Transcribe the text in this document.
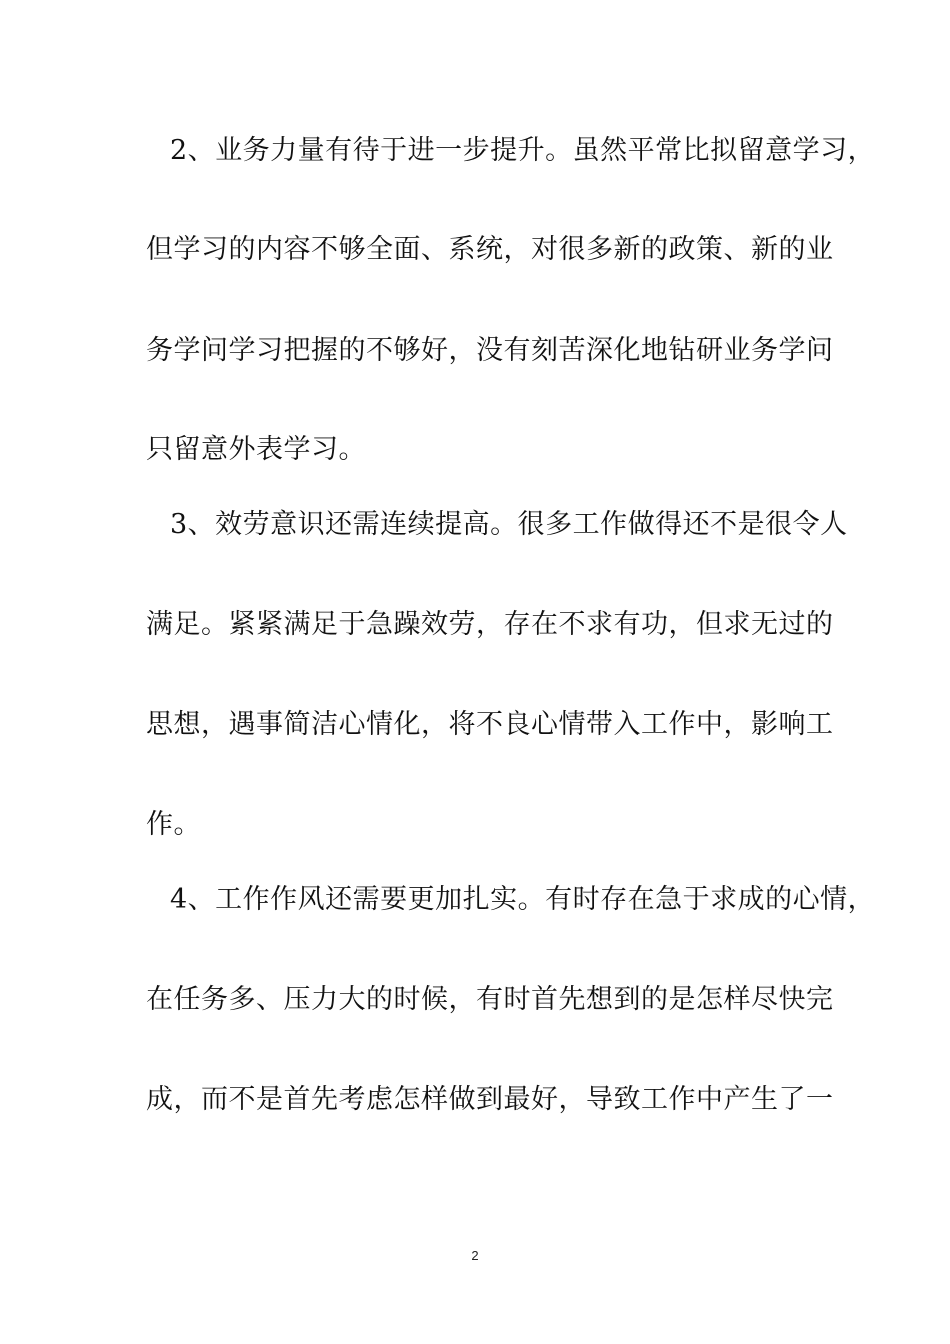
2、业务力量有待于进一步提升。虽然平常比拟留意学习，
但学习的内容不够全面、系统，对很多新的政策、新的业
务学问学习把握的不够好，没有刻苦深化地钻研业务学问
只留意外表学习。
3、效劳意识还需连续提高。很多工作做得还不是很令人
满足。紧紧满足于急躁效劳，存在不求有功，但求无过的
思想，遇事简洁心情化，将不良心情带入工作中，影响工
作。
4、工作作风还需要更加扎实。有时存在急于求成的心情，
在任务多、压力大的时候，有时首先想到的是怎样尽快完
成，而不是首先考虑怎样做到最好，导致工作中产生了一
2
